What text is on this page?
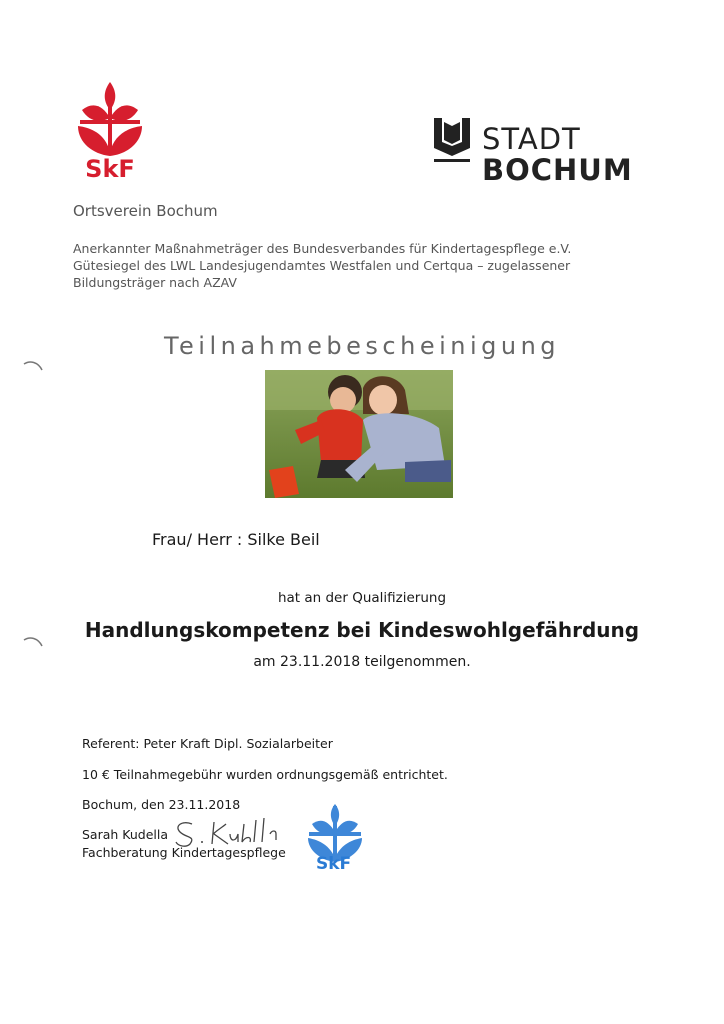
SkF
STADT
BOCHUM
Ortsverein Bochum
Anerkannter Maßnahmeträger des Bundesverbandes für Kindertagespflege e.V.
Gütesiegel des LWL Landesjugendamtes Westfalen und Certqua – zugelassener
Bildungsträger nach AZAV
Teilnahmebescheinigung
Frau/ Herr : Silke Beil
hat an der Qualifizierung
Handlungskompetenz bei Kindeswohlgefährdung
am 23.11.2018 teilgenommen.
Referent: Peter Kraft Dipl. Sozialarbeiter
10 € Teilnahmegebühr wurden ordnungsgemäß entrichtet.
Bochum, den 23.11.2018
Sarah Kudella
Fachberatung Kindertagespflege
SkF
